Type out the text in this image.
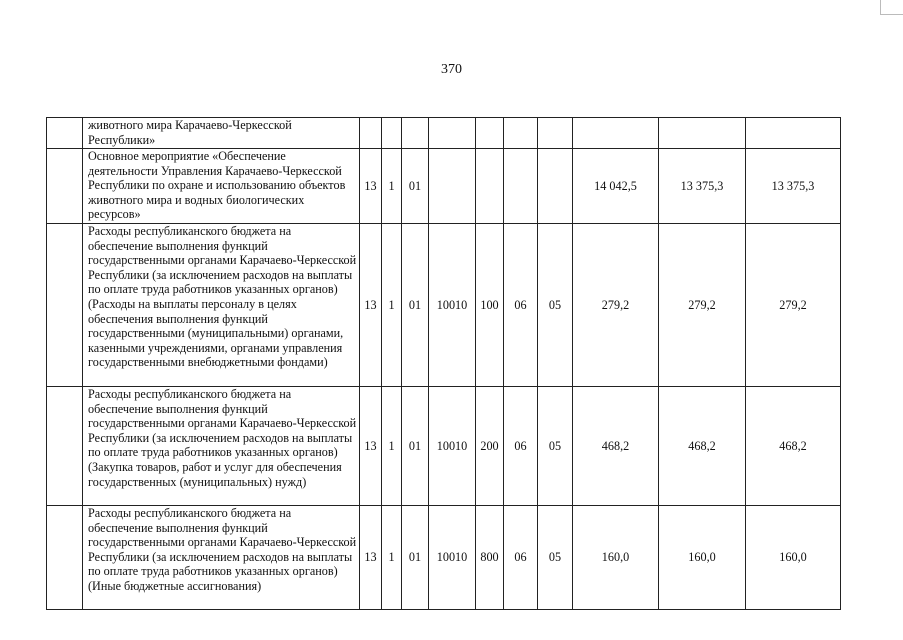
370
	животного мира Карачаево-Черкесской Республики»										
	Основное мероприятие «Обеспечение деятельности Управления Карачаево-Черкесской Республики по охране и использованию объектов животного мира и водных биологических ресурсов»	13	1	01					14 042,5	13 375,3	13 375,3
	Расходы республиканского бюджета на обеспечение выполнения функций государственными органами Карачаево-Черкесской Республики (за исключением расходов на выплаты по оплате труда работников указанных органов) (Расходы на выплаты персоналу в целях обеспечения выполнения функций государственными (муниципальными) органами, казенными учреждениями, органами управления государственными внебюджетными фондами)	13	1	01	10010	100	06	05	279,2	279,2	279,2
	Расходы республиканского бюджета на обеспечение выполнения функций государственными органами Карачаево-Черкесской Республики (за исключением расходов на выплаты по оплате труда работников указанных органов) (Закупка товаров, работ и услуг для обеспечения государственных (муниципальных) нужд)	13	1	01	10010	200	06	05	468,2	468,2	468,2
	Расходы республиканского бюджета на обеспечение выполнения функций государственными органами Карачаево-Черкесской Республики (за исключением расходов на выплаты по оплате труда работников указанных органов) (Иные бюджетные ассигнования)	13	1	01	10010	800	06	05	160,0	160,0	160,0
